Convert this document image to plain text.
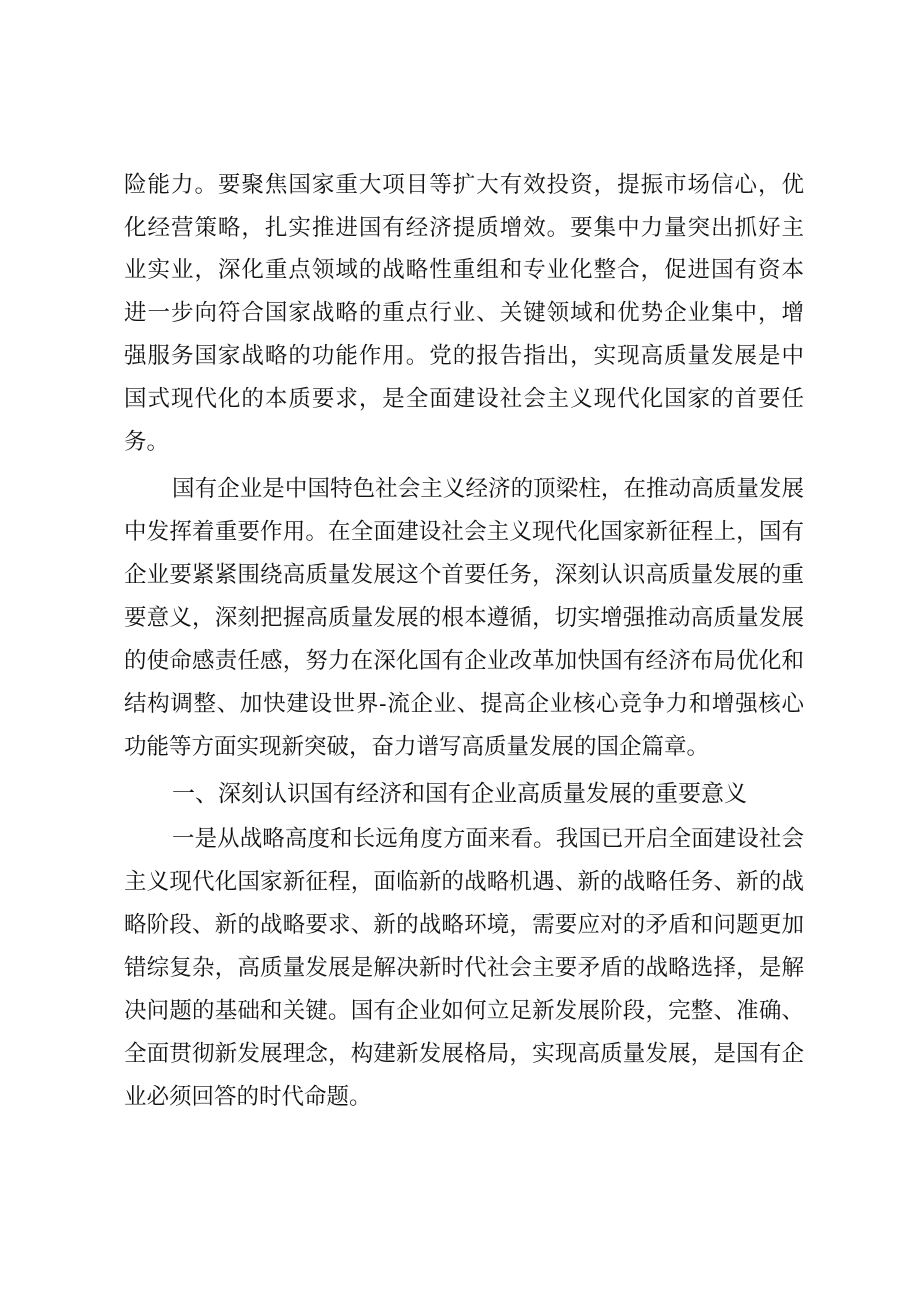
险能力。要聚焦国家重大项目等扩大有效投资，提振市场信心，优
化经营策略，扎实推进国有经济提质增效。要集中力量突出抓好主
业实业，深化重点领域的战略性重组和专业化整合，促进国有资本
进一步向符合国家战略的重点行业、关键领域和优势企业集中，增
强服务国家战略的功能作用。党的报告指出，实现高质量发展是中
国式现代化的本质要求，是全面建设社会主义现代化国家的首要任
务。
国有企业是中国特色社会主义经济的顶梁柱，在推动高质量发展
中发挥着重要作用。在全面建设社会主义现代化国家新征程上，国有
企业要紧紧围绕高质量发展这个首要任务，深刻认识高质量发展的重
要意义，深刻把握高质量发展的根本遵循，切实增强推动高质量发展
的使命感责任感，努力在深化国有企业改革加快国有经济布局优化和
结构调整、加快建设世界-流企业、提高企业核心竞争力和增强核心
功能等方面实现新突破，奋力谱写高质量发展的国企篇章。
一、深刻认识国有经济和国有企业高质量发展的重要意义
一是从战略高度和长远角度方面来看。我国已开启全面建设社会
主义现代化国家新征程，面临新的战略机遇、新的战略任务、新的战
略阶段、新的战略要求、新的战略环境，需要应对的矛盾和问题更加
错综复杂，高质量发展是解决新时代社会主要矛盾的战略选择，是解
决问题的基础和关键。国有企业如何立足新发展阶段，完整、准确、
全面贯彻新发展理念，构建新发展格局，实现高质量发展，是国有企
业必须回答的时代命题。
